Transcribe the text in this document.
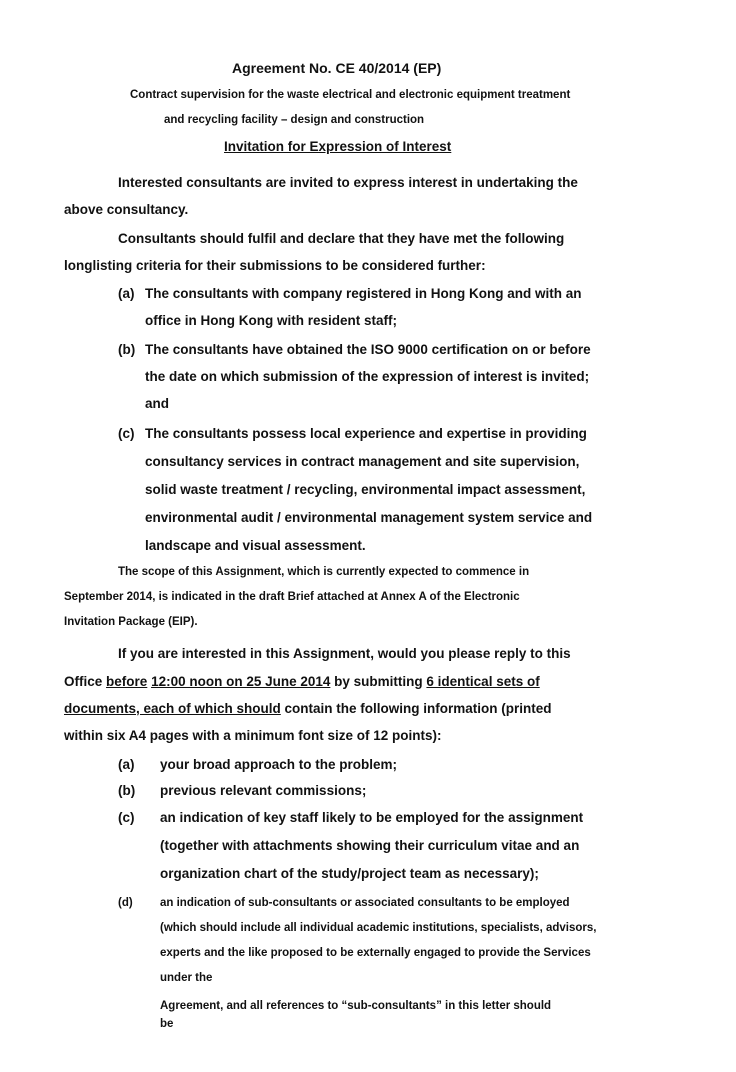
Agreement No. CE 40/2014 (EP)
Contract supervision for the waste electrical and electronic equipment treatment
and recycling facility – design and construction
Invitation for Expression of Interest
Interested consultants are invited to express interest in undertaking the
above consultancy.
Consultants should fulfil and declare that they have met the following
longlisting criteria for their submissions to be considered further:
(a) The consultants with company registered in Hong Kong and with an
office in Hong Kong with resident staff;
(b) The consultants have obtained the ISO 9000 certification on or before
the date on which submission of the expression of interest is invited;
and
(c) The consultants possess local experience and expertise in providing
consultancy services in contract management and site supervision,
solid waste treatment / recycling, environmental impact assessment,
environmental audit / environmental management system service and
landscape and visual assessment.
The scope of this Assignment, which is currently expected to commence in
September 2014, is indicated in the draft Brief attached at Annex A of the Electronic
Invitation Package (EIP).
If you are interested in this Assignment, would you please reply to this
Office before 12:00 noon on 25 June 2014 by submitting 6 identical sets of
documents, each of which should contain the following information (printed
within six A4 pages with a minimum font size of 12 points):
(a) your broad approach to the problem;
(b) previous relevant commissions;
(c) an indication of key staff likely to be employed for the assignment
(together with attachments showing their curriculum vitae and an
organization chart of the study/project team as necessary);
(d) an indication of sub-consultants or associated consultants to be employed
(which should include all individual academic institutions, specialists, advisors,
experts and the like proposed to be externally engaged to provide the Services
under the
Agreement, and all references to “sub-consultants” in this letter should
be
